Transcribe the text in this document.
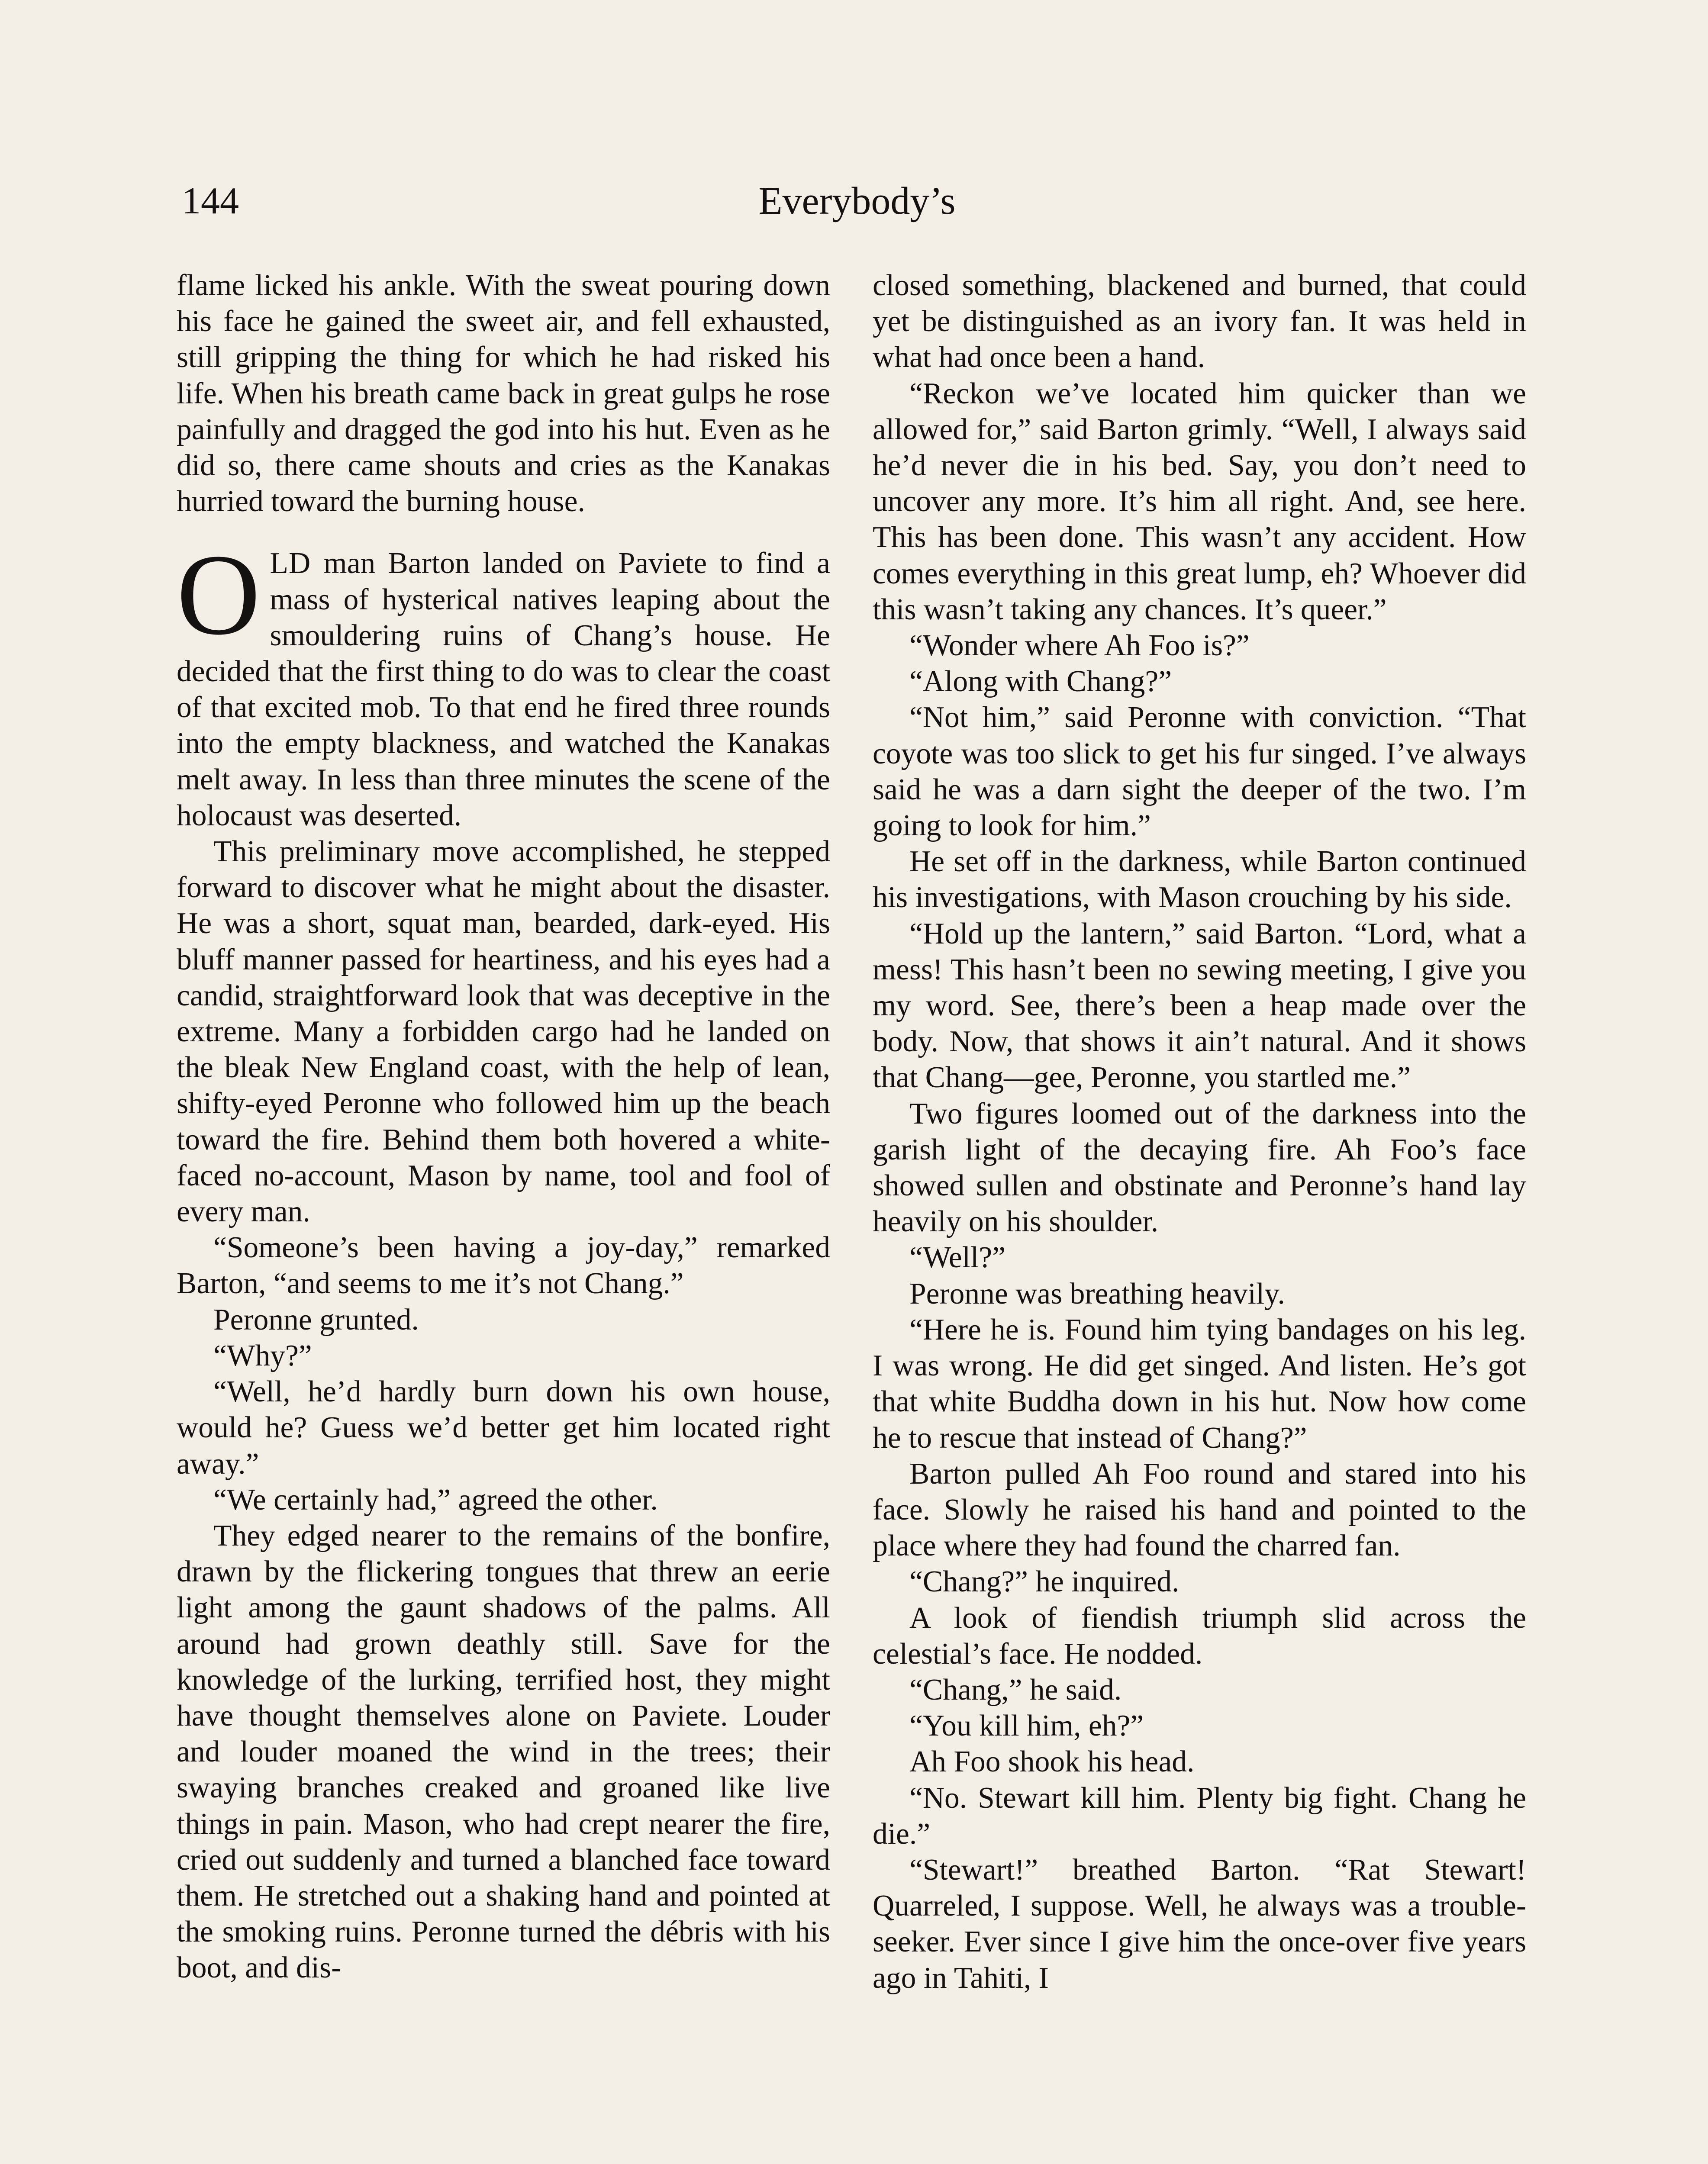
144	Everybody’s

flame licked his ankle. With the sweat pouring down his face he gained the sweet air, and fell exhausted, still gripping the thing for which he had risked his life. When his breath came back in great gulps he rose painfully and dragged the god into his hut. Even as he did so, there came shouts and cries as the Kanakas hurried toward the burning house.

OLD man Barton landed on Paviete to find a mass of hysterical natives leaping about the smouldering ruins of Chang’s house. He decided that the first thing to do was to clear the coast of that excited mob. To that end he fired three rounds into the empty blackness, and watched the Kanakas melt away. In less than three minutes the scene of the holocaust was deserted.

This preliminary move accomplished, he stepped forward to discover what he might about the disaster. He was a short, squat man, bearded, dark-eyed. His bluff manner passed for heartiness, and his eyes had a candid, straightforward look that was deceptive in the extreme. Many a forbidden cargo had he landed on the bleak New England coast, with the help of lean, shifty-eyed Peronne who followed him up the beach toward the fire. Behind them both hovered a white-faced no-account, Mason by name, tool and fool of every man.

“Someone’s been having a joy-day,” remarked Barton, “and seems to me it’s not Chang.”

Peronne grunted.

“Why?”

“Well, he’d hardly burn down his own house, would he? Guess we’d better get him located right away.”

“We certainly had,” agreed the other.

They edged nearer to the remains of the bonfire, drawn by the flickering tongues that threw an eerie light among the gaunt shadows of the palms. All around had grown deathly still. Save for the knowledge of the lurking, terrified host, they might have thought themselves alone on Paviete. Louder and louder moaned the wind in the trees; their swaying branches creaked and groaned like live things in pain. Mason, who had crept nearer the fire, cried out suddenly and turned a blanched face toward them. He stretched out a shaking hand and pointed at the smoking ruins. Peronne turned the débris with his boot, and dis-

closed something, blackened and burned, that could yet be distinguished as an ivory fan. It was held in what had once been a hand.

“Reckon we’ve located him quicker than we allowed for,” said Barton grimly. “Well, I always said he’d never die in his bed. Say, you don’t need to uncover any more. It’s him all right. And, see here. This has been done. This wasn’t any accident. How comes everything in this great lump, eh? Whoever did this wasn’t taking any chances. It’s queer.”

“Wonder where Ah Foo is?”

“Along with Chang?”

“Not him,” said Peronne with conviction. “That coyote was too slick to get his fur singed. I’ve always said he was a darn sight the deeper of the two. I’m going to look for him.”

He set off in the darkness, while Barton continued his investigations, with Mason crouching by his side.

“Hold up the lantern,” said Barton. “Lord, what a mess! This hasn’t been no sewing meeting, I give you my word. See, there’s been a heap made over the body. Now, that shows it ain’t natural. And it shows that Chang—gee, Peronne, you startled me.”

Two figures loomed out of the darkness into the garish light of the decaying fire. Ah Foo’s face showed sullen and obstinate and Peronne’s hand lay heavily on his shoulder.

“Well?”

Peronne was breathing heavily.

“Here he is. Found him tying bandages on his leg. I was wrong. He did get singed. And listen. He’s got that white Buddha down in his hut. Now how come he to rescue that instead of Chang?”

Barton pulled Ah Foo round and stared into his face. Slowly he raised his hand and pointed to the place where they had found the charred fan.

“Chang?” he inquired.

A look of fiendish triumph slid across the celestial’s face. He nodded.

“Chang,” he said.

“You kill him, eh?”

Ah Foo shook his head.

“No. Stewart kill him. Plenty big fight. Chang he die.”

“Stewart!” breathed Barton. “Rat Stewart! Quarreled, I suppose. Well, he always was a trouble-seeker. Ever since I give him the once-over five years ago in Tahiti, I
